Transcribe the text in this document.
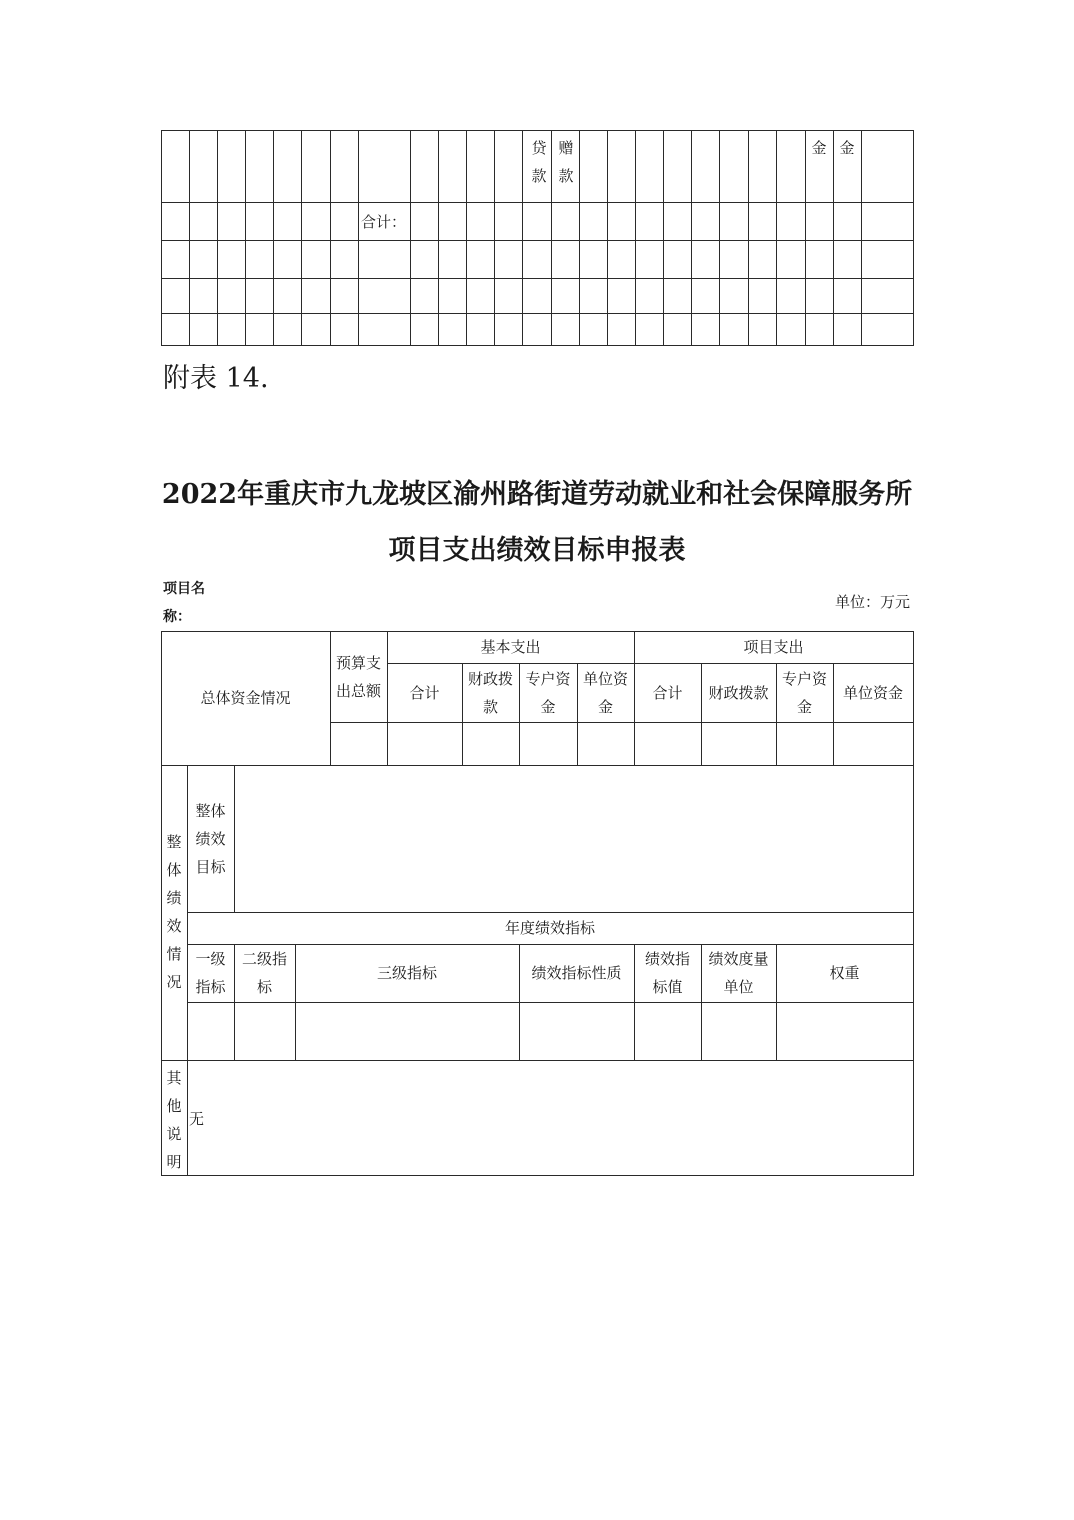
贷
款
赠
款
金 金
合计：
附表 14.
2022年重庆市九龙坡区渝州路街道劳动就业和社会保障服务所
项目支出绩效目标申报表
项目名
称：
单位：万元
总体资金情况
预算支
出总额
基本支出	项目支出
合计
财政拨
款
专户资
金
单位资
金
合计 财政拨款
专户资
金
单位资金
整
体
绩
效
情
况
整体
绩效
目标
年度绩效指标
一级
指标
二级指
标
三级指标	绩效指标性质
绩效指
标值
绩效度量
单位
权重
其
他
说
明
无
